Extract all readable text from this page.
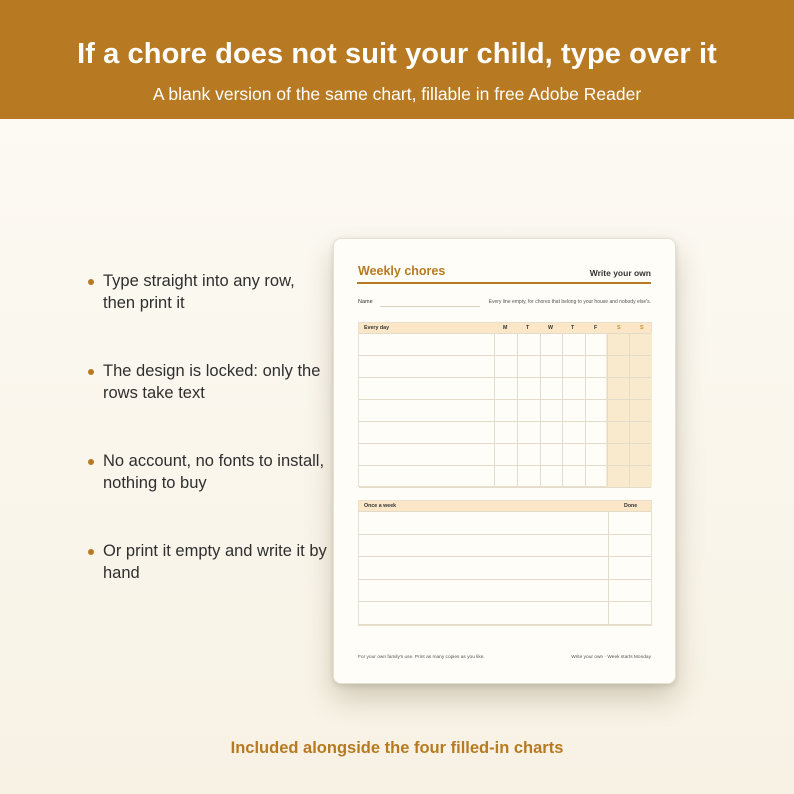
If a chore does not suit your child, type over it
A blank version of the same chart, fillable in free Adobe Reader
Type straight into any row, then print it
The design is locked: only the rows take text
No account, no fonts to install, nothing to buy
Or print it empty and write it by hand
Weekly chores	Write your own
Name	Every line empty, for chores that belong to your house and nobody else's.
Every day	M	T	W	T	F	S	S
Once a week	Done
For your own family's use. Print as many copies as you like.	Write your own · Week starts Monday
Included alongside the four filled-in charts
